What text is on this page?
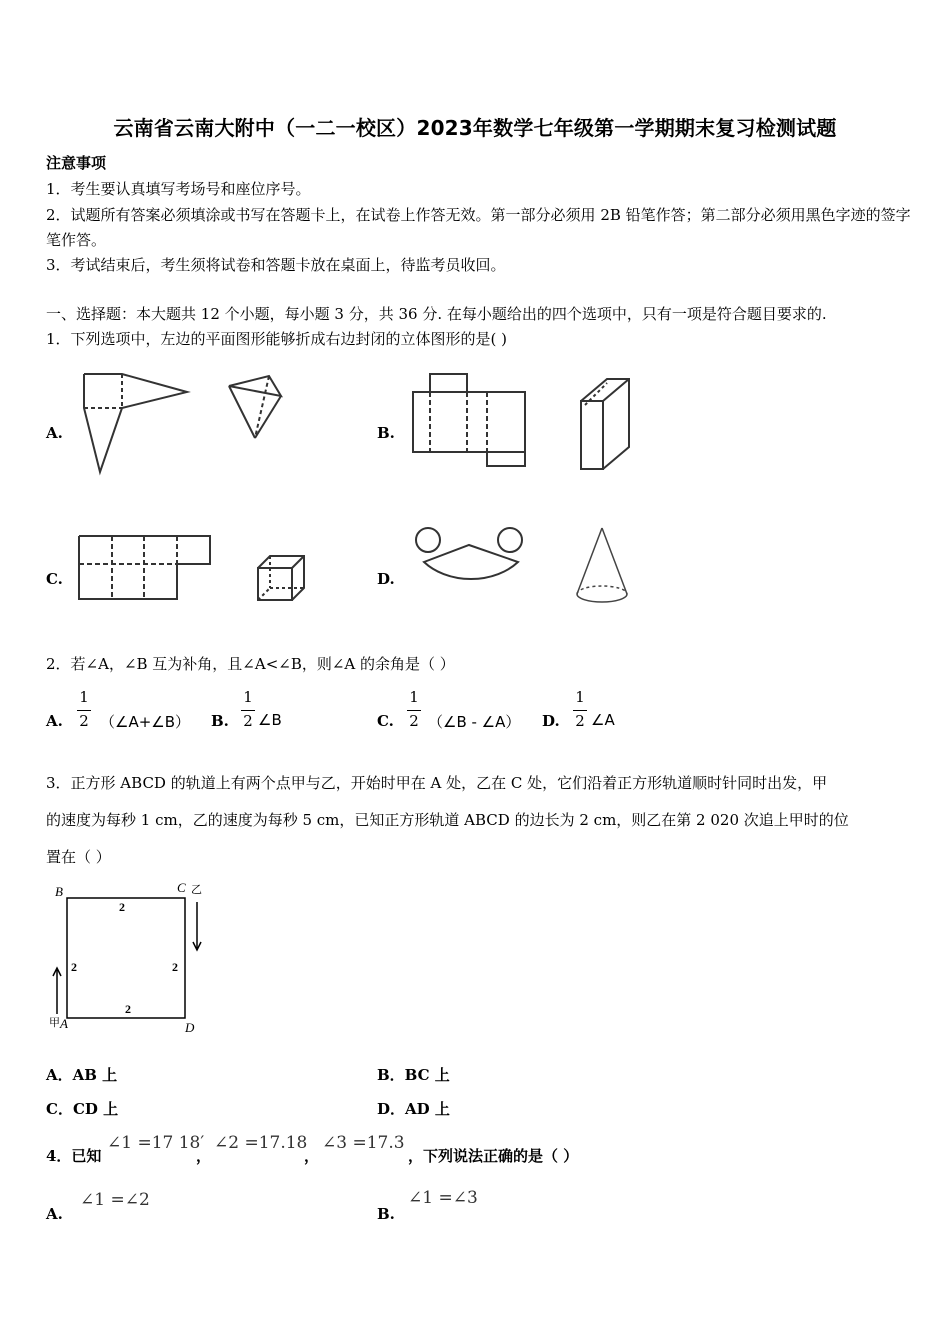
云南省云南大附中（一二一校区）2023年数学七年级第一学期期末复习检测试题
注意事项
1．考生要认真填写考场号和座位序号。
2．试题所有答案必须填涂或书写在答题卡上，在试卷上作答无效。第一部分必须用 2B 铅笔作答；第二部分必须用黑色字迹的签字笔作答。
3．考试结束后，考生须将试卷和答题卡放在桌面上，待监考员收回。
一、选择题：本大题共 12 个小题，每小题 3 分，共 36 分. 在每小题给出的四个选项中，只有一项是符合题目要求的.
1．下列选项中，左边的平面图形能够折成右边封闭的立体图形的是( )
A.	B.
C.	D.
2．若∠A，∠B 互为补角，且∠A<∠B，则∠A 的余角是（ ）
A.
1
2 （∠A+∠B） B.
1
2 ∠B	C.
1
2 （∠B - ∠A） D.
1
2 ∠A
3．正方形 ABCD 的轨道上有两个点甲与乙，开始时甲在 A 处，乙在 C 处，它们沿着正方形轨道顺时针同时出发，甲
的速度为每秒 1 cm，乙的速度为每秒 5 cm，已知正方形轨道 ABCD 的边长为 2 cm，则乙在第 2 020 次追上甲时的位
置在（ ）
B	C
D
A
乙
甲
2
2	2
2
A．AB 上	B．BC 上
C．CD 上	D．AD 上
4．已知
∠1 =17 18′
，
∠2 =17.18
，
∠3 =17.3
，下列说法正确的是（ ）
A.
∠1 =∠2
B.
∠1 =∠3
